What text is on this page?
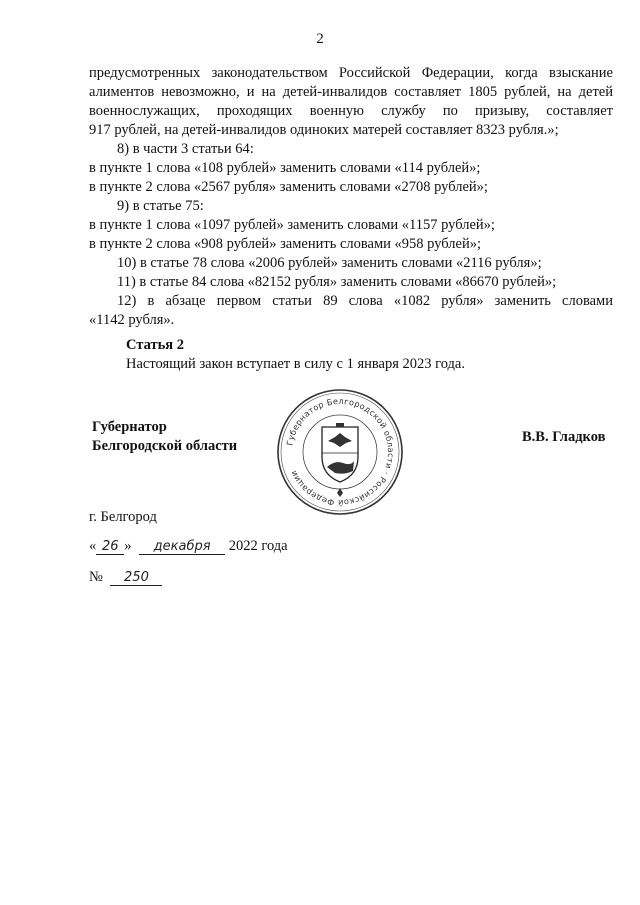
2

предусмотренных законодательством Российской Федерации, когда взыскание

алиментов невозможно, и на детей-инвалидов составляет 1805 рублей, на детей

военнослужащих, проходящих военную службу по призыву, составляет

917 рублей, на детей-инвалидов одиноких матерей составляет 8323 рубля.»;

8) в части 3 статьи 64:

в пункте 1 слова «108 рублей» заменить словами «114 рублей»;

в пункте 2 слова «2567 рубля» заменить словами «2708 рублей»;

9) в статье 75:

в пункте 1 слова «1097 рублей» заменить словами «1157 рублей»;

в пункте 2 слова «908 рублей» заменить словами «958 рублей»;

10) в статье 78 слова «2006 рублей» заменить словами «2116 рубля»;

11) в статье 84 слова «82152 рубля» заменить словами «86670 рублей»;

12) в абзаце первом статьи 89 слова «1082 рубля» заменить словами

«1142 рубля».

Статья 2
Настоящий закон вступает в силу с 1 января 2023 года.
Губернатор
Белгородской области	Губернатор Белгородской области · Российской Федерации
В.В. Гладков
г. Белгород
« 26 » декабря 2022 года
№ 250
